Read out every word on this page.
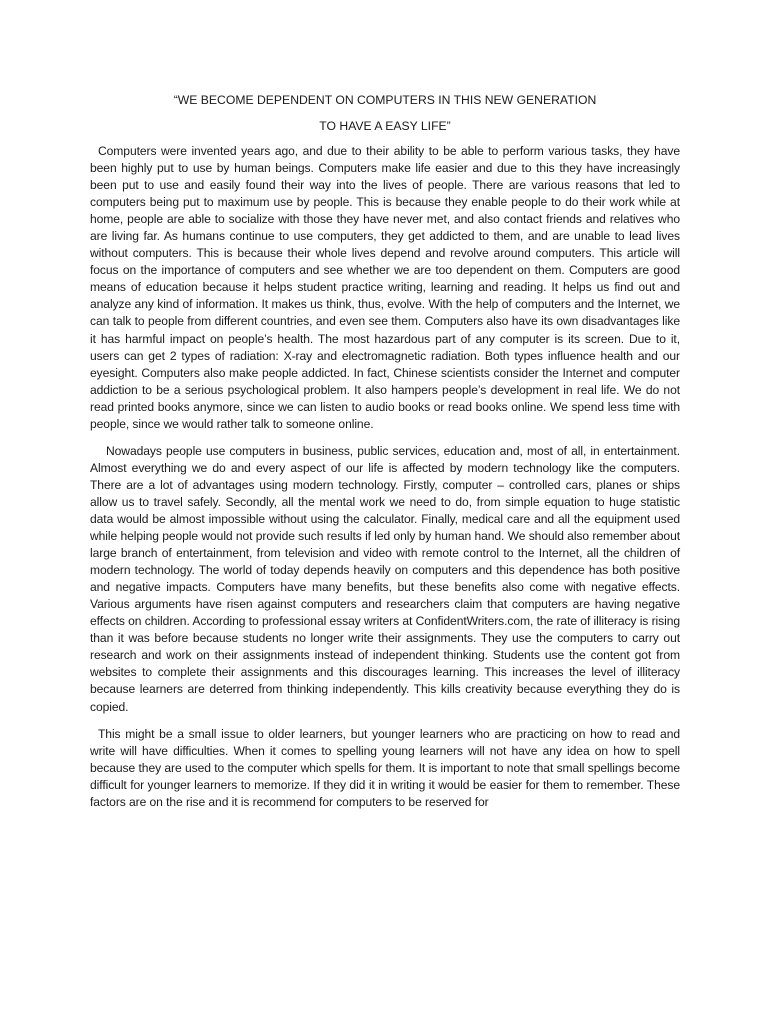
“WE BECOME DEPENDENT ON COMPUTERS IN THIS NEW GENERATION

TO HAVE A EASY LIFE”

Computers were invented years ago, and due to their ability to be able to perform various tasks, they have been highly put to use by human beings. Computers make life easier and due to this they have increasingly been put to use and easily found their way into the lives of people. There are various reasons that led to computers being put to maximum use by people. This is because they enable people to do their work while at home, people are able to socialize with those they have never met, and also contact friends and relatives who are living far. As humans continue to use computers, they get addicted to them, and are unable to lead lives without computers. This is because their whole lives depend and revolve around computers. This article will focus on the importance of computers and see whether we are too dependent on them. Computers are good means of education because it helps student practice writing, learning and reading. It helps us find out and analyze any kind of information. It makes us think, thus, evolve. With the help of computers and the Internet, we can talk to people from different countries, and even see them. Computers also have its own disadvantages like it has harmful impact on people’s health. The most hazardous part of any computer is its screen. Due to it, users can get 2 types of radiation: X-ray and electromagnetic radiation. Both types influence health and our eyesight. Computers also make people addicted. In fact, Chinese scientists consider the Internet and computer addiction to be a serious psychological problem. It also hampers people’s development in real life. We do not read printed books anymore, since we can listen to audio books or read books online. We spend less time with people, since we would rather talk to someone online.

Nowadays people use computers in business, public services, education and, most of all, in entertainment. Almost everything we do and every aspect of our life is affected by modern technology like the computers. There are a lot of advantages using modern technology. Firstly, computer – controlled cars, planes or ships allow us to travel safely. Secondly, all the mental work we need to do, from simple equation to huge statistic data would be almost impossible without using the calculator. Finally, medical care and all the equipment used while helping people would not provide such results if led only by human hand. We should also remember about large branch of entertainment, from television and video with remote control to the Internet, all the children of modern technology. The world of today depends heavily on computers and this dependence has both positive and negative impacts. Computers have many benefits, but these benefits also come with negative effects. Various arguments have risen against computers and researchers claim that computers are having negative effects on children. According to professional essay writers at ConfidentWriters.com, the rate of illiteracy is rising than it was before because students no longer write their assignments. They use the computers to carry out research and work on their assignments instead of independent thinking. Students use the content got from websites to complete their assignments and this discourages learning. This increases the level of illiteracy because learners are deterred from thinking independently. This kills creativity because everything they do is copied.

This might be a small issue to older learners, but younger learners who are practicing on how to read and write will have difficulties. When it comes to spelling young learners will not have any idea on how to spell because they are used to the computer which spells for them. It is important to note that small spellings become difficult for younger learners to memorize. If they did it in writing it would be easier for them to remember. These factors are on the rise and it is recommend for computers to be reserved for
